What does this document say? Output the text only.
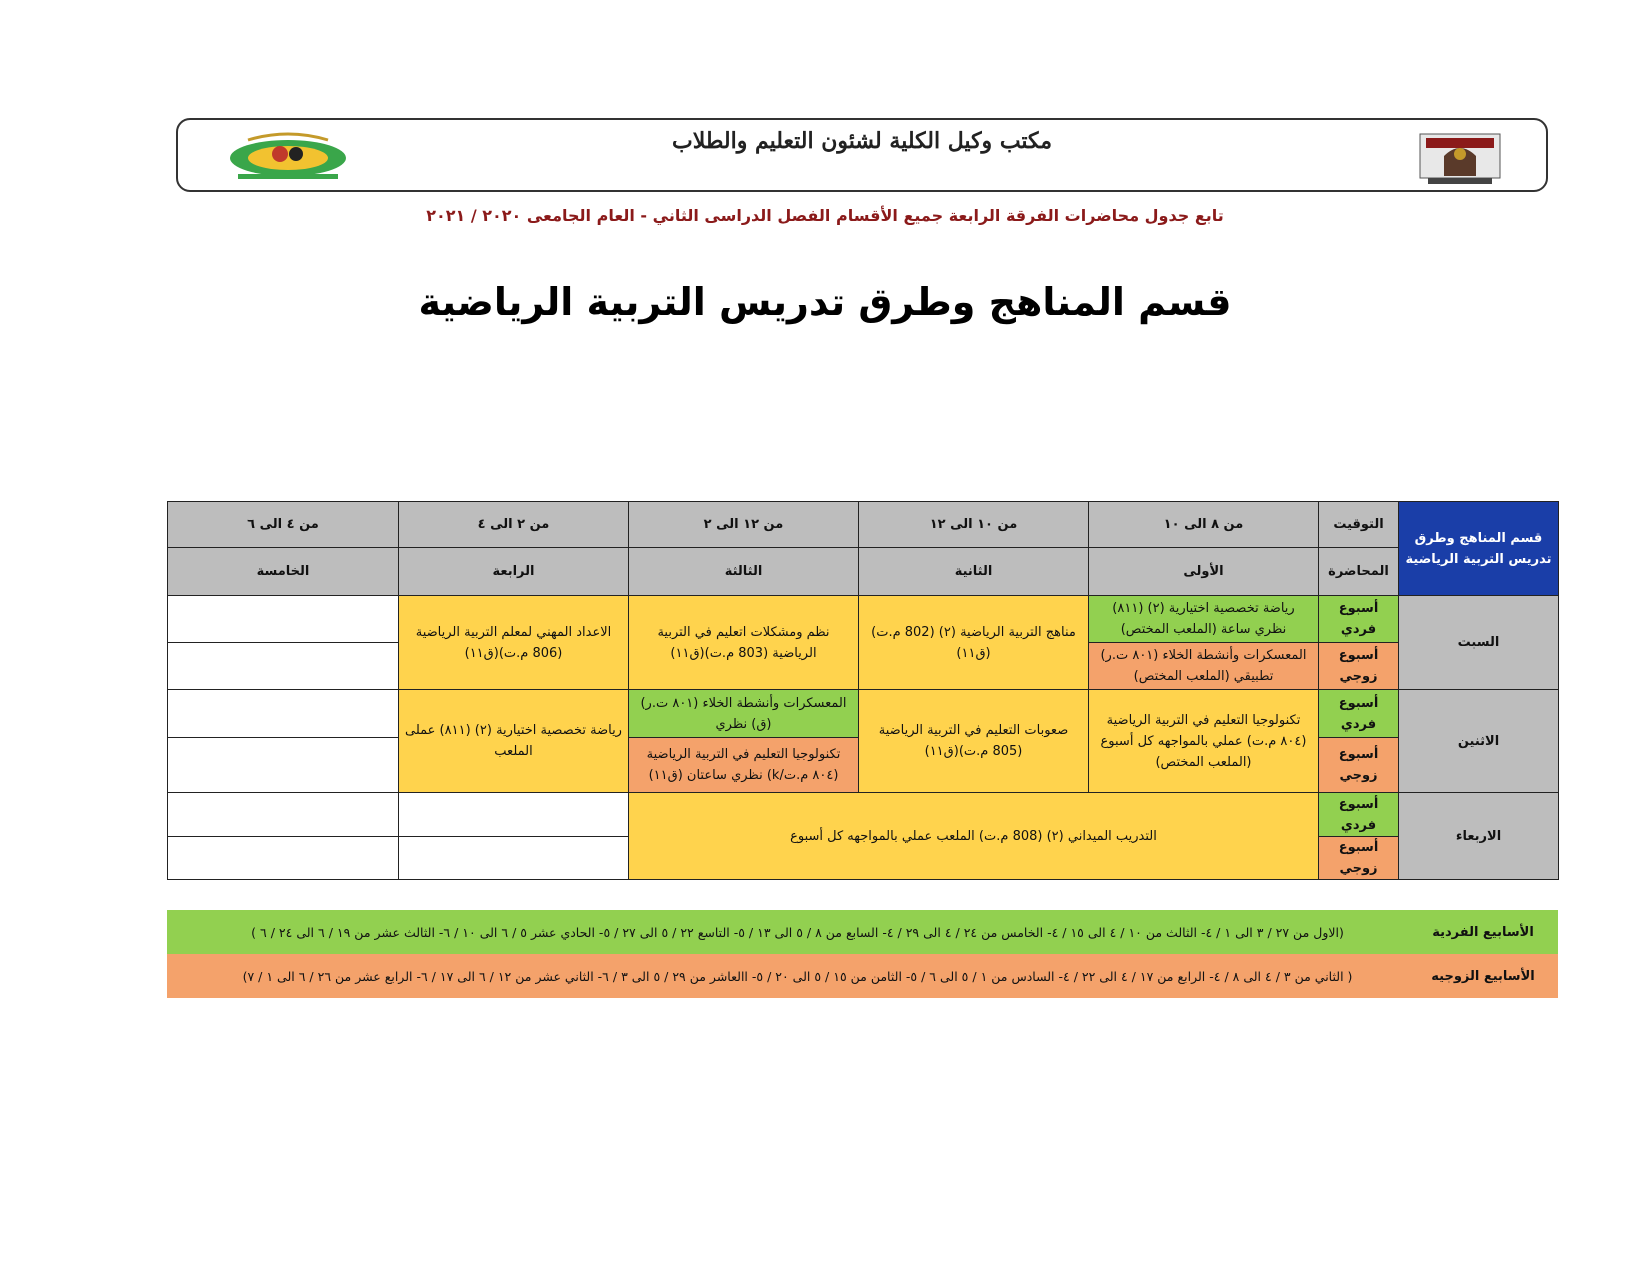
مكتب وكيل الكلية لشئون التعليم والطلاب
تابع جدول محاضرات الفرقة الرابعة جميع الأقسام الفصل الدراسى الثاني - العام الجامعى ٢٠٢٠ / ٢٠٢١
قسم المناهج وطرق تدريس التربية الرياضية
قسم المناهج وطرق تدريس التربية الرياضية	التوقيت	من ٨ الى ١٠	من ١٠ الى ١٢	من ١٢ الى ٢	من ٢ الى ٤	من ٤ الى ٦
	المحاضرة	الأولى	الثانية	الثالثة	الرابعة	الخامسة
السبت	أسبوع فردي	رياضة تخصصية اختيارية (٢) (٨١١) نظري ساعة (الملعب المختص)	مناهج التربية الرياضية (٢) (802 م.ت) (ق١١)	نظم ومشكلات اتعليم في التربية الرياضية (803 م.ت)(ق١١)	الاعداد المهني لمعلم التربية الرياضية (806 م.ت)(ق١١)	
	أسبوع زوجي	المعسكرات وأنشطة الخلاء (٨٠١ ت.ر) تطبيقي (الملعب المختص)				
الاثنين	أسبوع فردي	تكنولوجيا التعليم في التربية الرياضية (٨٠٤ م.ت) عملي بالمواجهه كل أسبوع (الملعب المختص)	صعوبات التعليم في التربية الرياضية (805 م.ت)(ق١١)	المعسكرات وأنشطة الخلاء (٨٠١ ت.ر) (ق) نظري	رياضة تخصصية اختيارية (٢) (٨١١) عملى الملعب	
	أسبوع زوجي			تكنولوجيا التعليم في التربية الرياضية (٨٠٤ م.ت/k) نظري ساعتان (ق١١)		
الاربعاء	أسبوع فردي	التدريب الميداني (٢) (808 م.ت) الملعب عملي بالمواجهه كل أسبوع				
	أسبوع زوجي					
الأسابيع الفردية
(الاول من ٢٧ / ٣ الى ١ / ٤- الثالث من ١٠ / ٤ الى ١٥ / ٤- الخامس من ٢٤ / ٤ الى ٢٩ / ٤- السابع من ٨ / ٥ الى ١٣ / ٥- التاسع ٢٢ / ٥ الى ٢٧ / ٥- الحادي عشر ٥ / ٦ الى ١٠ / ٦- الثالث عشر من ١٩ / ٦ الى ٢٤ / ٦ )
الأسابيع الزوجيه
( الثاني من ٣ / ٤ الى ٨ / ٤- الرابع من ١٧ / ٤ الى ٢٢ / ٤- السادس من ١ / ٥ الى ٦ / ٥- الثامن من ١٥ / ٥ الى ٢٠ / ٥- االعاشر من ٢٩ / ٥ الى ٣ / ٦- الثاني عشر من ١٢ / ٦ الى ١٧ / ٦- الرابع عشر من ٢٦ / ٦ الى ١ / ٧)
